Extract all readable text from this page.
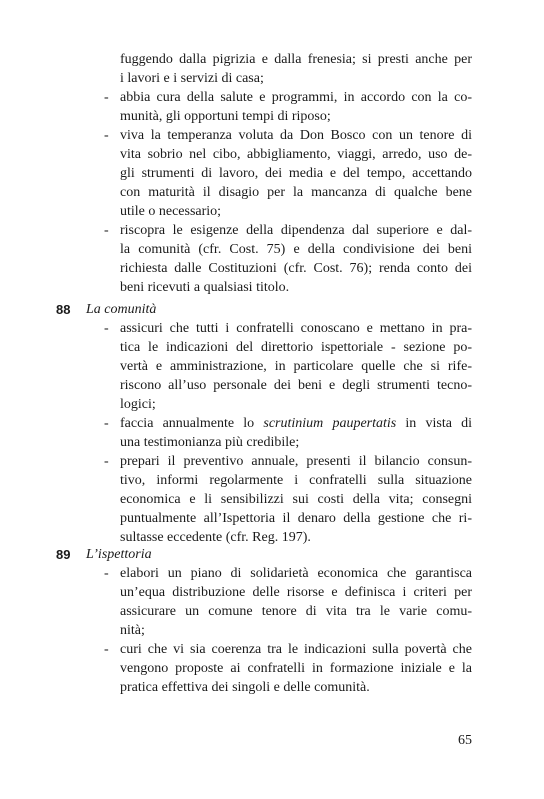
fuggendo dalla pigrizia e dalla frenesia; si presti anche per
i lavori e i servizi di casa;
- abbia cura della salute e programmi, in accordo con la co-
munità, gli opportuni tempi di riposo;
- viva la temperanza voluta da Don Bosco con un tenore di
vita sobrio nel cibo, abbigliamento, viaggi, arredo, uso de-
gli strumenti di lavoro, dei media e del tempo, accettando
con maturità il disagio per la mancanza di qualche bene
utile o necessario;
- riscopra le esigenze della dipendenza dal superiore e dal-
la comunità (cfr. Cost. 75) e della condivisione dei beni
richiesta dalle Costituzioni (cfr. Cost. 76); renda conto dei
beni ricevuti a qualsiasi titolo.
88 La comunità
- assicuri che tutti i confratelli conoscano e mettano in pra-
tica le indicazioni del direttorio ispettoriale - sezione po-
vertà e amministrazione, in particolare quelle che si rife-
riscono all’uso personale dei beni e degli strumenti tecno-
logici;
- faccia annualmente lo scrutinium paupertatis in vista di
una testimonianza più credibile;
- prepari il preventivo annuale, presenti il bilancio consun-
tivo, informi regolarmente i confratelli sulla situazione
economica e li sensibilizzi sui costi della vita; consegni
puntualmente all’Ispettoria il denaro della gestione che ri-
sultasse eccedente (cfr. Reg. 197).
89 L’ispettoria
- elabori un piano di solidarietà economica che garantisca
un’equa distribuzione delle risorse e definisca i criteri per
assicurare un comune tenore di vita tra le varie comu-
nità;
- curi che vi sia coerenza tra le indicazioni sulla povertà che
vengono proposte ai confratelli in formazione iniziale e la
pratica effettiva dei singoli e delle comunità.
65
